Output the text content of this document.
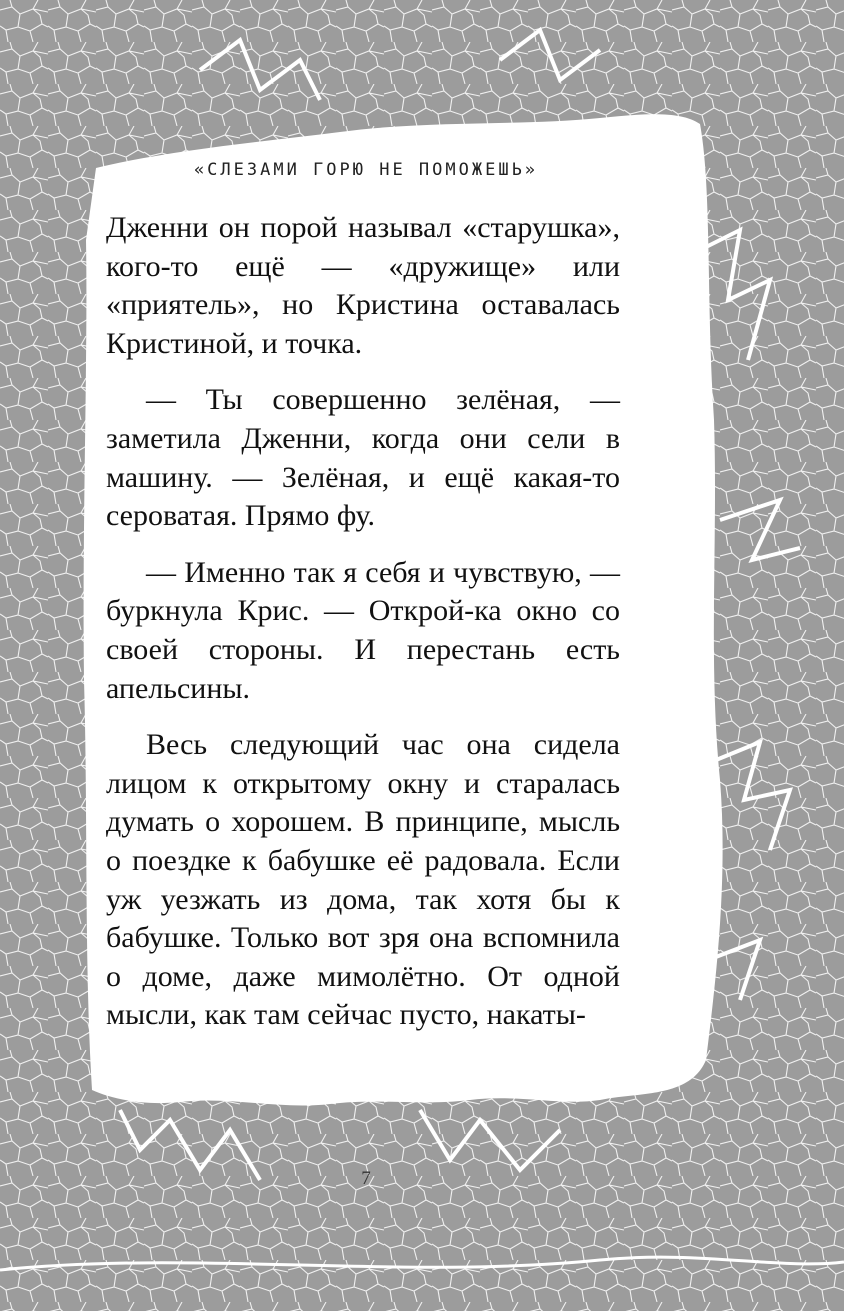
«СЛЕЗАМИ ГОРЮ НЕ ПОМОЖЕШЬ»

Дженни он порой называл «старушка», кого-то ещё — «дружище» или «приятель», но Кристина оставалась Кристиной, и точка.

— Ты совершенно зелёная, — заметила Дженни, когда они сели в машину. — Зелёная, и ещё какая-то сероватая. Прямо фу.

— Именно так я себя и чувствую, — буркнула Крис. — Открой-ка окно со своей стороны. И перестань есть апельсины.

Весь следующий час она сидела лицом к открытому окну и старалась думать о хорошем. В принципе, мысль о поездке к бабушке её радовала. Если уж уезжать из дома, так хотя бы к бабушке. Только вот зря она вспомнила о доме, даже мимолётно. От одной мысли, как там сейчас пусто, накаты-

7
